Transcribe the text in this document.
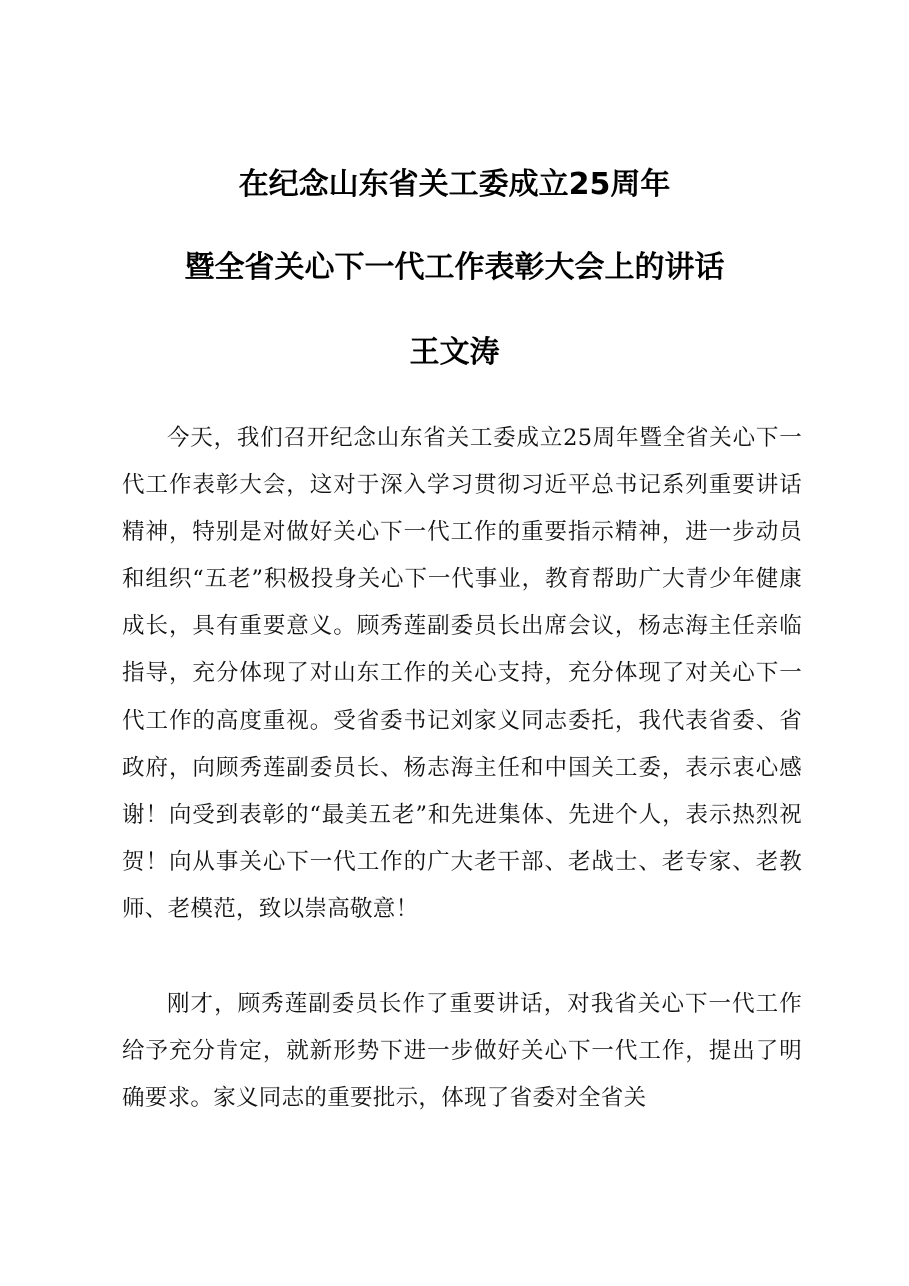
在纪念山东省关工委成立25周年
暨全省关心下一代工作表彰大会上的讲话
王文涛

今天，我们召开纪念山东省关工委成立25周年暨全省关心下一代工作表彰大会，这对于深入学习贯彻习近平总书记系列重要讲话精神，特别是对做好关心下一代工作的重要指示精神，进一步动员和组织“五老”积极投身关心下一代事业，教育帮助广大青少年健康成长，具有重要意义。顾秀莲副委员长出席会议，杨志海主任亲临指导，充分体现了对山东工作的关心支持，充分体现了对关心下一代工作的高度重视。受省委书记刘家义同志委托，我代表省委、省政府，向顾秀莲副委员长、杨志海主任和中国关工委，表示衷心感谢！向受到表彰的“最美五老”和先进集体、先进个人，表示热烈祝贺！向从事关心下一代工作的广大老干部、老战士、老专家、老教师、老模范，致以崇高敬意！

刚才，顾秀莲副委员长作了重要讲话，对我省关心下一代工作给予充分肯定，就新形势下进一步做好关心下一代工作，提出了明确要求。家义同志的重要批示，体现了省委对全省关
